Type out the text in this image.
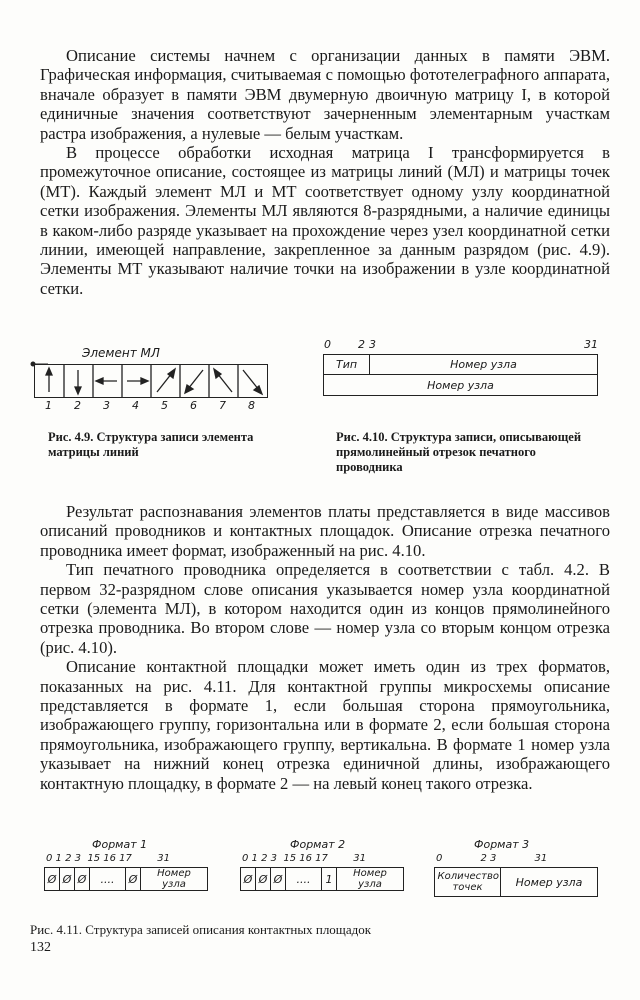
Описание системы начнем с организации данных в памяти ЭВМ. Графическая информация, считываемая с помощью фототелеграфного аппарата, вначале образует в памяти ЭВМ двумерную двоичную матрицу I, в которой единичные значения соответствуют зачерненным элементарным участкам растра изображения, а нулевые — белым участкам.

В процессе обработки исходная матрица I трансформируется в промежуточное описание, состоящее из матрицы линий (МЛ) и матрицы точек (МТ). Каждый элемент МЛ и МТ соответствует одному узлу координатной сетки изображения. Элементы МЛ являются 8-разрядными, а наличие единицы в каком-либо разряде указывает на прохождение через узел координатной сетки линии, имеющей направление, закрепленное за данным разрядом (рис. 4.9). Элементы МТ указывают наличие точки на изображении в узле координатной сетки.

Элемент МЛ
1 2 3 4 5 6 7 8

Рис. 4.9. Структура записи элемента матрицы линий

0 2 3	31
Тип	Номер узла
Номер узла

Рис. 4.10. Структура записи, описывающей прямолинейный отрезок печатного проводника

Результат распознавания элементов платы представляется в виде массивов описаний проводников и контактных площадок. Описание отрезка печатного проводника имеет формат, изображенный на рис. 4.10.

Тип печатного проводника определяется в соответствии с табл. 4.2. В первом 32-разрядном слове описания указывается номер узла координатной сетки (элемента МЛ), в котором находится один из концов прямолинейного отрезка проводника. Во втором слове — номер узла со вторым концом отрезка (рис. 4.10).

Описание контактной площадки может иметь один из трех форматов, показанных на рис. 4.11. Для контактной группы микросхемы описание представляется в формате 1, если большая сторона прямоугольника, изображающего группу, горизонтальна или в формате 2, если большая сторона прямоугольника, изображающего группу, вертикальна. В формате 1 номер узла указывает на нижний конец отрезка единичной длины, изображающего контактную площадку, в формате 2 — на левый конец такого отрезка.

Формат 1
0 1 2 3  15 16 17        31
Ø Ø Ø .... Ø	Номер узла
Формат 2
0 1 2 3  15 16 17        31
Ø Ø Ø .... 1	Номер узла
Формат 3
0            2 3            31
Количество точек	Номер узла

Рис. 4.11. Структура записей описания контактных площадок

132
